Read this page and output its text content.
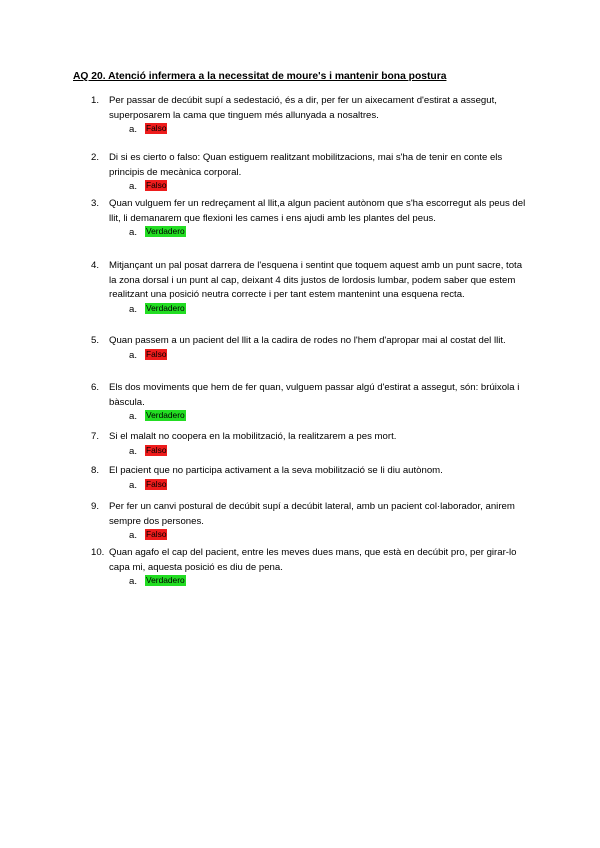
AQ 20. Atenció infermera a la necessitat de moure's i mantenir bona postura
1.	Per passar de decúbit supí a sedestació, és a dir, per fer un aixecament d'estirat a assegut, superposarem la cama que tinguem més allunyada a nosaltres.
a. Falso
2.	Di si es cierto o falso: Quan estiguem realitzant mobilitzacions, mai s'ha de tenir en conte els principis de mecànica corporal.
a. Falso
3.	Quan vulguem fer un redreçament al llit,a algun pacient autònom que s'ha escorregut als peus del llit, li demanarem que flexioni les cames i ens ajudi amb les plantes del peus.
a. Verdadero
4.	Mitjançant un pal posat darrera de l'esquena i sentint que toquem aquest amb un punt sacre, tota la zona dorsal i un punt al cap, deixant 4 dits justos de lordosis lumbar, podem saber que estem realitzant una posició neutra correcte i per tant estem mantenint una esquena recta.
a. Verdadero
5.	Quan passem a un pacient del llit a la cadira de rodes no l'hem d'apropar mai al costat del llit.
a. Falso
6.	Els dos moviments que hem de fer quan, vulguem passar algú d'estirat a assegut, són: brúixola i bàscula.
a. Verdadero
7.	Si el malalt no coopera en la mobilització, la realitzarem a pes mort.
a. Falso
8.	El pacient que no participa activament a la seva mobilització se li diu autònom.
a. Falso
9.	Per fer un canvi postural de decúbit supí a decúbit lateral, amb un pacient col·laborador, anirem sempre dos persones.
a. Falso
10. Quan agafo el cap del pacient, entre les meves dues mans, que està en decúbit pro, per girar-lo capa mi, aquesta posició es diu de pena.
a. Verdadero
